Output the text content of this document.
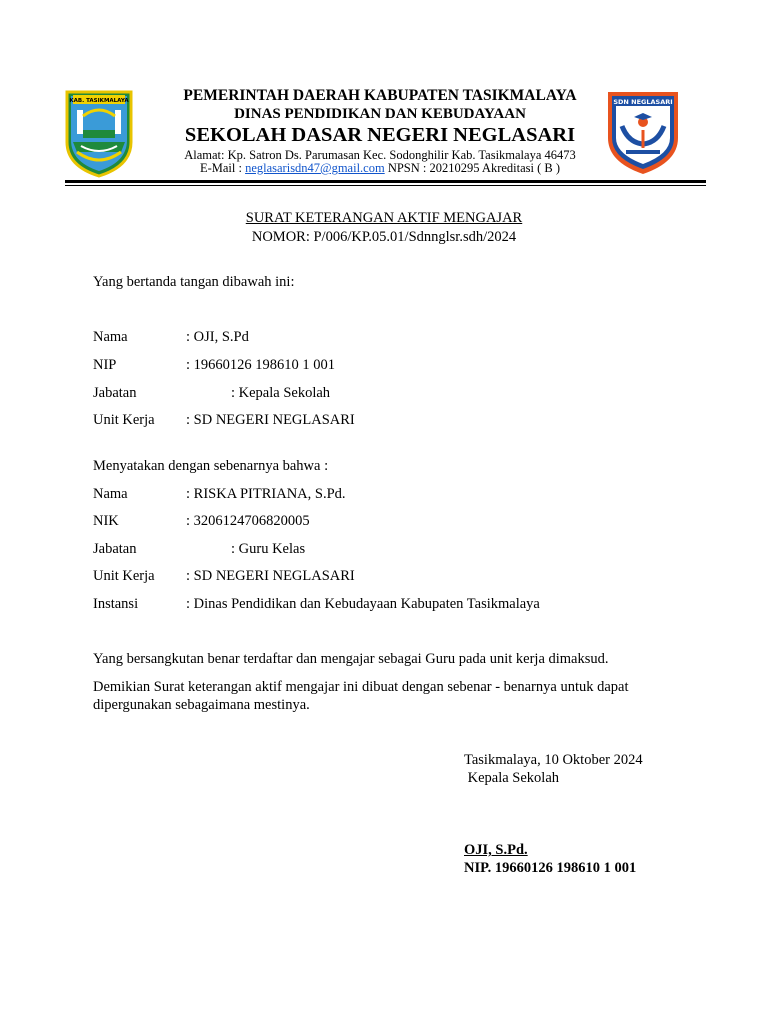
KAB. TASIKMALAYA	SDN NEGLASARI
PEMERINTAH DAERAH KABUPATEN TASIKMALAYA
DINAS PENDIDIKAN DAN KEBUDAYAAN
SEKOLAH DASAR NEGERI NEGLASARI
Alamat: Kp. Satron Ds. Parumasan Kec. Sodonghilir Kab. Tasikmalaya 46473
E-Mail : neglasarisdn47@gmail.com NPSN : 20210295 Akreditasi ( B )
SURAT KETERANGAN AKTIF MENGAJAR
NOMOR: P/006/KP.05.01/Sdnnglsr.sdh/2024
Yang bertanda tangan dibawah ini:
Nama	: OJI, S.Pd
NIP	: 19660126 198610 1 001
Jabatan	: Kepala Sekolah
Unit Kerja : SD NEGERI NEGLASARI
Menyatakan dengan sebenarnya bahwa :
Nama	: RISKA PITRIANA, S.Pd.
NIK	: 3206124706820005
Jabatan	: Guru Kelas
Unit Kerja : SD NEGERI NEGLASARI
Instansi	: Dinas Pendidikan dan Kebudayaan Kabupaten Tasikmalaya
Yang bersangkutan benar terdaftar dan mengajar sebagai Guru pada unit kerja dimaksud.
Demikian Surat keterangan aktif mengajar ini dibuat dengan sebenar - benarnya untuk dapat
dipergunakan sebagaimana mestinya.
Tasikmalaya, 10 Oktober 2024
Kepala Sekolah
OJI, S.Pd.
NIP. 19660126 198610 1 001
